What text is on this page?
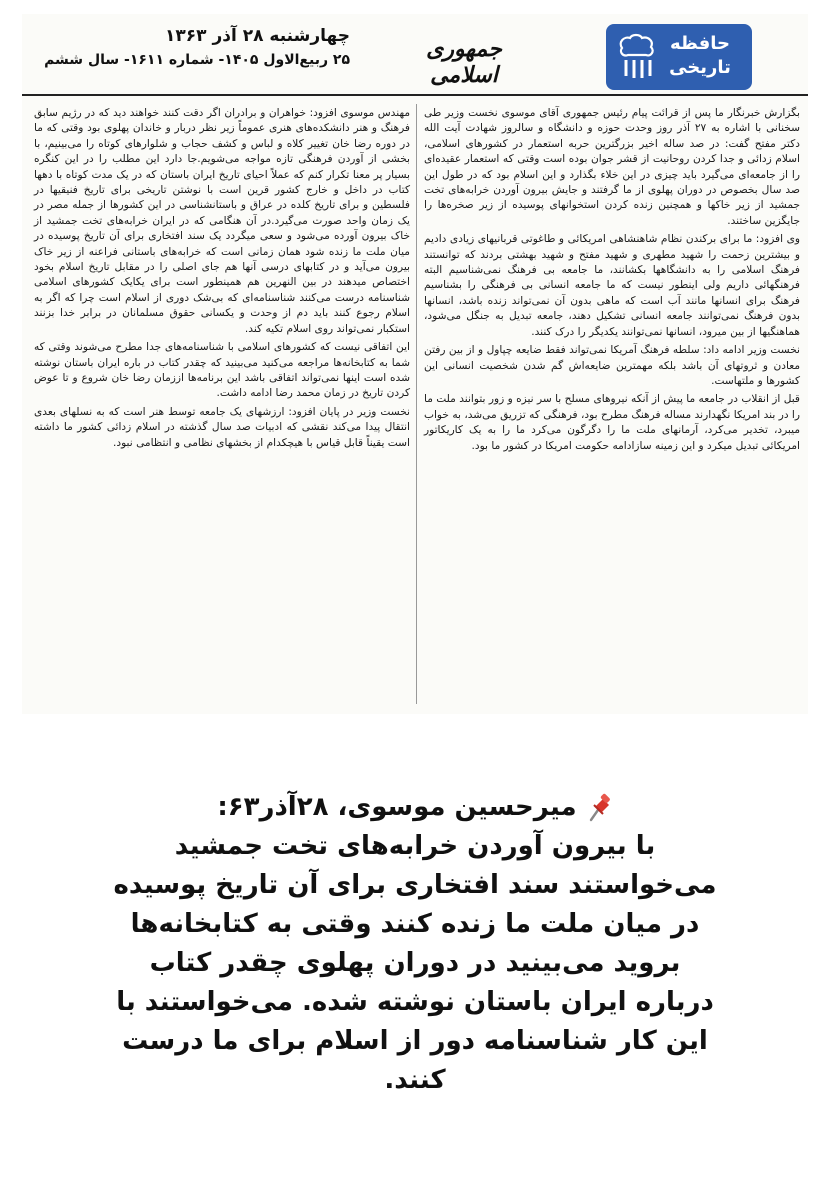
چهارشنبه ۲۸ آذر ۱۳۶۳
۲۵ ربیع‌الاول ۱۴۰۵- شماره ۱۶۱۱- سال ششم	جمهوری اسلامی
حافظه
تاریخی

بگزارش خبرنگار ما پس از قرائت پیام رئیس جمهوری آقای موسوی نخست وزیر طی سخنانی با اشاره به ۲۷ آذر روز وحدت حوزه و دانشگاه و سالروز شهادت آیت الله دکتر مفتح گفت: در صد ساله اخیر بزرگترین حربه استعمار در کشورهای اسلامی، اسلام زدائی و جدا کردن روحانیت از قشر جوان بوده است وقتی که استعمار عقیده‌ای را از جامعه‌ای می‌گیرد باید چیزی در این خلاء بگذارد و این اسلام بود که در طول این صد سال بخصوص در دوران پهلوی از ما گرفتند و جایش بیرون آوردن خرابه‌های تخت جمشید از زیر خاکها و همچنین زنده کردن استخوانهای پوسیده از زیر صخره‌ها را جایگزین ساختند.

وی افزود: ما برای برکندن نظام شاهنشاهی امریکائی و طاغوتی قربانیهای زیادی دادیم و بیشترین زحمت را شهید مطهری و شهید مفتح و شهید بهشتی بردند که توانستند فرهنگ اسلامی را به دانشگاهها بکشانند، ما جامعه بی فرهنگ نمی‌شناسیم البته فرهنگهائی داریم ولی اینطور نیست که ما جامعه انسانی بی فرهنگی را بشناسیم فرهنگ برای انسانها مانند آب است که ماهی بدون آن نمی‌تواند زنده باشد، انسانها بدون فرهنگ نمی‌توانند جامعه انسانی تشکیل دهند، جامعه تبدیل به جنگل می‌شود، هماهنگیها از بین میرود، انسانها نمی‌توانند یکدیگر را درک کنند.

نخست وزیر ادامه داد: سلطه فرهنگ آمریکا نمی‌تواند فقط ضایعه چپاول و از بین رفتن معادن و ثروتهای آن باشد بلکه مهمترین ضایعه‌اش گم شدن شخصیت انسانی این کشورها و ملتهاست.

قبل از انقلاب در جامعه ما پیش از آنکه نیروهای مسلح با سر نیزه و زور بتوانند ملت ما را در بند امریکا نگهدارند مساله فرهنگ مطرح بود، فرهنگی که تزریق می‌شد، به خواب میبرد، تخدیر می‌کرد، آرمانهای ملت ما را دگرگون می‌کرد ما را به یک کاریکاتور امریکائی تبدیل میکرد و این زمینه سازادامه حکومت امریکا در کشور ما بود.

مهندس موسوی افزود: خواهران و برادران اگر دقت کنند خواهند دید که در رژیم سابق فرهنگ و هنر دانشکده‌های هنری عموماً زیر نظر دربار و خاندان پهلوی بود وقتی که ما در دوره رضا خان تغییر کلاه و لباس و کشف حجاب و شلوارهای کوتاه را می‌بینیم، با بخشی از آوردن فرهنگی تازه مواجه می‌شویم.جا دارد این مطلب را در این کنگره بسیار پر معنا تکرار کنم که عملاً احیای تاریخ ایران باستان که در یک مدت کوتاه با دهها کتاب در داخل و خارج کشور قرین است با نوشتن تاریخی برای تاریخ فنیقیها در فلسطین و برای تاریخ کلده در عراق و باستانشناسی در این کشورها از جمله مصر در یک زمان واحد صورت می‌گیرد.در آن هنگامی که در ایران خرابه‌های تخت جمشید از خاک بیرون آورده می‌شود و سعی میگردد یک سند افتخاری برای آن تاریخ پوسیده در میان ملت ما زنده شود همان زمانی است که خرابه‌های باستانی فراعنه از زیر خاک بیرون می‌آید و در کتابهای درسی آنها هم جای اصلی را در مقابل تاریخ اسلام بخود اختصاص میدهند در بین النهرین هم همینطور است برای یکایک کشورهای اسلامی شناسنامه درست می‌کنند شناسنامه‌ای که بی‌شک دوری از اسلام است چرا که اگر به اسلام رجوع کنند باید دم از وحدت و یکسانی حقوق مسلمانان در برابر خدا بزنند استکبار نمی‌تواند روی اسلام تکیه کند.

این اتفاقی نیست که کشورهای اسلامی با شناسنامه‌های جدا مطرح می‌شوند وقتی که شما به کتابخانه‌ها مراجعه می‌کنید می‌بینید که چقدر کتاب در باره ایران باستان نوشته شده است اینها نمی‌تواند اتفاقی باشد این برنامه‌ها اززمان رضا خان شروع و تا عوض کردن تاریخ در زمان محمد رضا ادامه داشت.

نخست وزیر در پایان افزود: ارزشهای یک جامعه توسط هنر است که به نسلهای بعدی انتقال پیدا می‌کند نقشی که ادبیات صد سال گذشته در اسلام زدائی کشور ما داشته است یقیناً قابل قیاس با هیچکدام از بخشهای نظامی و انتظامی نبود.

میرحسین موسوی، ۲۸آذر۶۳:
با بیرون آوردن خرابه‌های تخت جمشید می‌خواستند سند افتخاری برای آن تاریخ پوسیده در میان ملت ما زنده کنند وقتی به کتابخانه‌ها بروید می‌بینید در دوران پهلوی چقدر کتاب درباره ایران باستان نوشته شده. می‌خواستند با این کار شناسنامه دور از اسلام برای ما درست کنند.
